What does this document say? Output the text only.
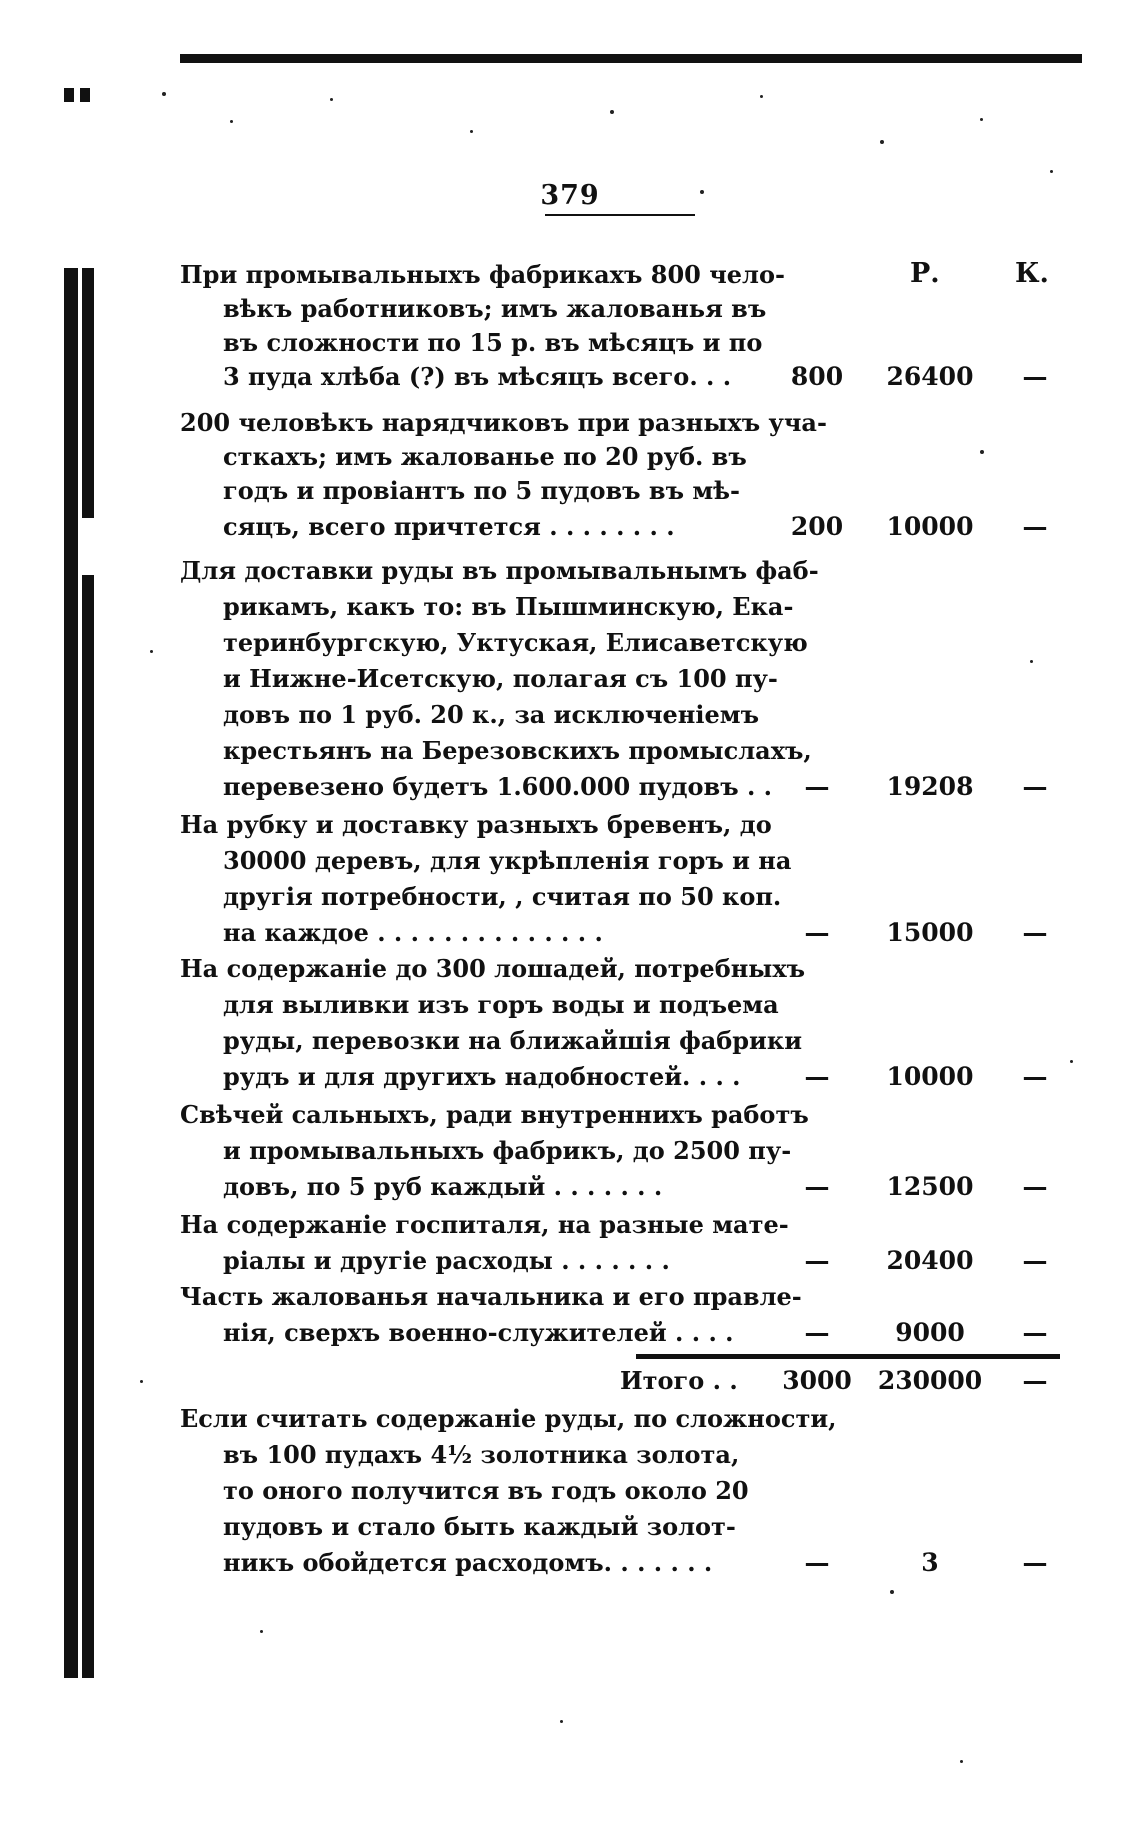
379
Р.	К.
При промывальныхъ фабрикахъ 800 чело-
вѣкъ работниковъ; имъ жалованья въ
въ сложности по 15 р. въ мѣсяцъ и по
3 пуда хлѣба (?) въ мѣсяцъ всего. . .	800	26400	—
200 человѣкъ нарядчиковъ при разныхъ уча-
сткахъ; имъ жалованье по 20 руб. въ
годъ и провіантъ по 5 пудовъ въ мѣ-
сяцъ, всего причтется . . . . . . . .	200	10000	—
Для доставки руды въ промывальнымъ фаб-
рикамъ, какъ то: въ Пышминскую, Ека-
теринбургскую, Уктуская, Елисаветскую
и Нижне-Исетскую, полагая съ 100 пу-
довъ по 1 руб. 20 к., за исключеніемъ
крестьянъ на Березовскихъ промыслахъ,
перевезено будетъ 1.600.000 пудовъ . .	—	19208	—
На рубку и доставку разныхъ бревенъ, до
30000 деревъ, для укрѣпленія горъ и на
другія потребности, , считая по 50 коп.
на каждое . . . . . . . . . . . . . .	—	15000	—
На содержаніе до 300 лошадей, потребныхъ
для выливки изъ горъ воды и подъема
руды, перевозки на ближайшія фабрики
рудъ и для другихъ надобностей. . . .	—	10000	—
Свѣчей сальныхъ, ради внутреннихъ работъ
и промывальныхъ фабрикъ, до 2500 пу-
довъ, по 5 руб каждый . . . . . . .	—	12500	—
На содержаніе госпиталя, на разные мате-
ріалы и другіе расходы . . . . . . .	—	20400	—
Часть жалованья начальника и его правле-
нія, сверхъ военно-служителей . . . .	—	9000	—
Итого . . 3000	230000	—
Если считать содержаніе руды, по сложности,
въ 100 пудахъ 4½ золотника золота,
то оного получится въ годъ около 20
пудовъ и стало быть каждый золот-
никъ обойдется расходомъ. . . . . . .	—	3	—
